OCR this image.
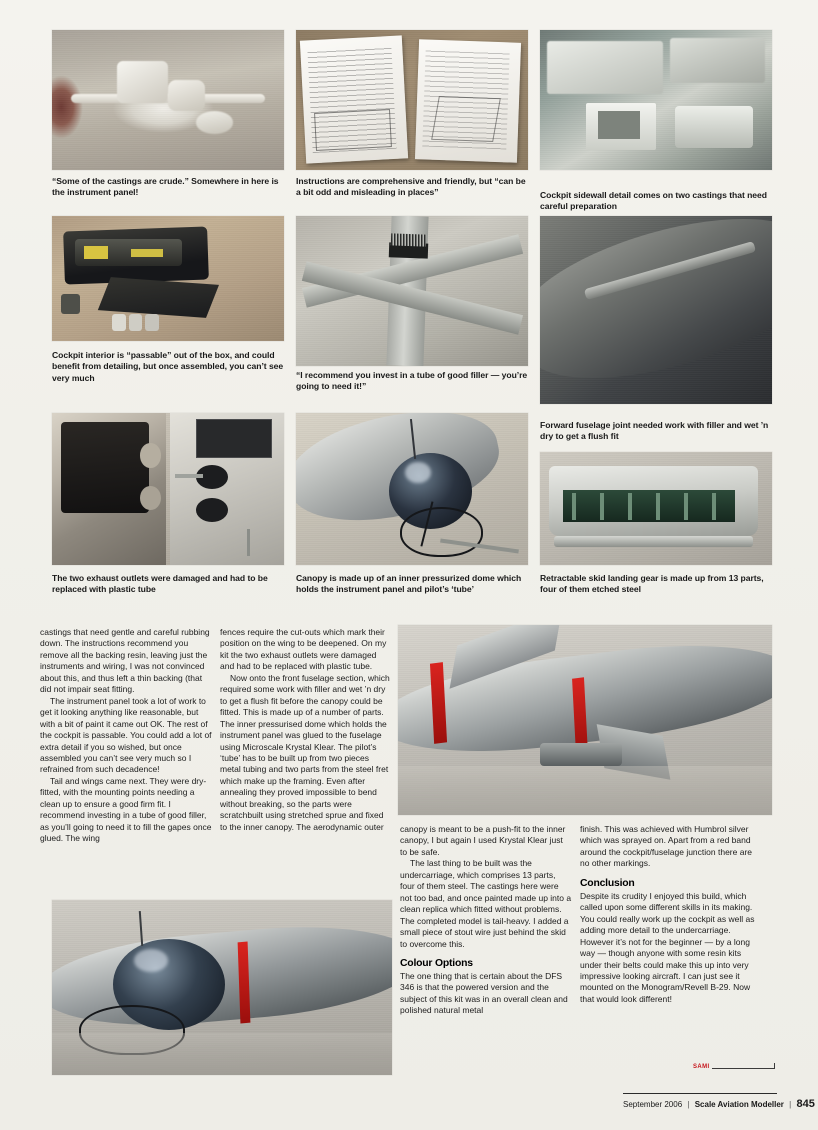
“Some of the castings are crude.” Somewhere in here is the instrument panel!
Instructions are comprehensive and friendly, but “can be a bit odd and misleading in places”	Cockpit sidewall detail comes on two castings that need careful preparation
Cockpit interior is “passable” out of the box, and could benefit from detailing, but once assembled, you can’t see very much	“I recommend you invest in a tube of good filler — you’re going to need it!”
Forward fuselage joint needed work with filler and wet ’n dry to get a flush fit
The two exhaust outlets were damaged and had to be replaced with plastic tube
Canopy is made up of an inner pressurized dome which holds the instrument panel and pilot’s ‘tube’
Retractable skid landing gear is made up from 13 parts, four of them etched steel

castings that need gentle and careful rubbing down. The instructions recommend you remove all the backing resin, leaving just the instruments and wiring, I was not convinced about this, and thus left a thin backing (that did not impair seat fitting.

The instrument panel took a lot of work to get it looking anything like reasonable, but with a bit of paint it came out OK. The rest of the cockpit is passable. You could add a lot of extra detail if you so wished, but once assembled you can’t see very much so I refrained from such decadence!

Tail and wings came next. They were dry-fitted, with the mounting points needing a clean up to ensure a good firm fit. I recommend investing in a tube of good filler, as you’ll going to need it to fill the gapes once glued. The wing

fences require the cut-outs which mark their position on the wing to be deepened. On my kit the two exhaust outlets were damaged and had to be replaced with plastic tube.

Now onto the front fuselage section, which required some work with filler and wet ’n dry to get a flush fit before the canopy could be fitted. This is made up of a number of parts. The inner pressurised dome which holds the instrument panel was glued to the fuselage using Microscale Krystal Klear. The pilot’s ‘tube’ has to be built up from two pieces metal tubing and two parts from the steel fret which make up the framing. Even after annealing they proved impossible to bend without breaking, so the parts were scratchbuilt using stretched sprue and fixed to the inner canopy. The aerodynamic outer	canopy is meant to be a push-fit to the inner canopy, I but again I used Krystal Klear just to be safe.

The last thing to be built was the undercarriage, which comprises 13 parts, four of them steel. The castings here were not too bad, and once painted made up into a clean replica which fitted without problems. The completed model is tail-heavy. I added a small piece of stout wire just behind the skid to overcome this.

Colour Options

The one thing that is certain about the DFS 346 is that the powered version and the subject of this kit was in an overall clean and polished natural metal

finish. This was achieved with Humbrol silver which was sprayed on. Apart from a red band around the cockpit/fuselage junction there are no other markings.

Conclusion

Despite its crudity I enjoyed this build, which called upon some different skills in its making. You could really work up the cockpit as well as adding more detail to the undercarriage. However it’s not for the beginner — by a long way — though anyone with some resin kits under their belts could make this up into very impressive looking aircraft. I can just see it mounted on the Monogram/Revell B-29. Now that would look different!

SAMI
September 2006 | Scale Aviation Modeller | 845
